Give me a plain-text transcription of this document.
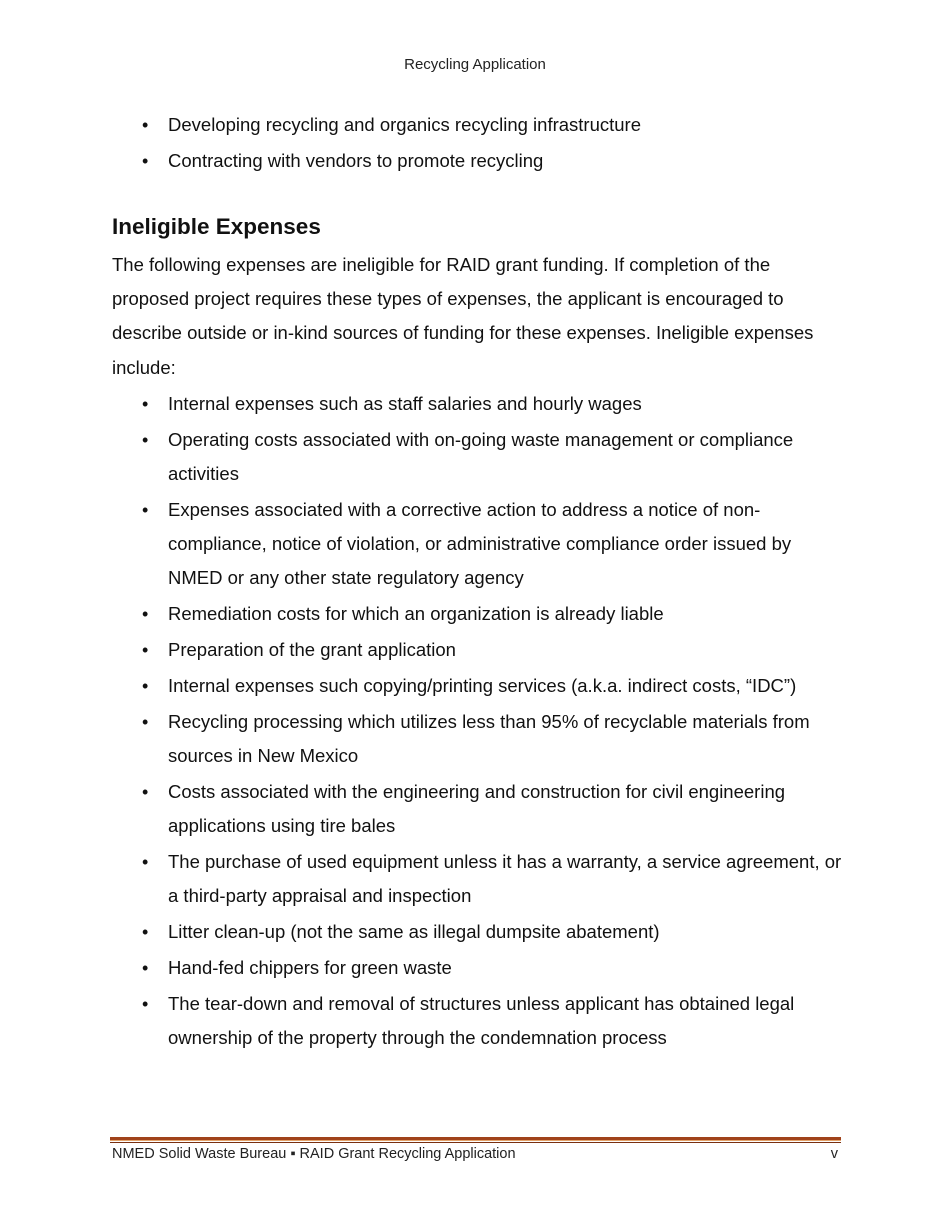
Recycling Application
• Developing recycling and organics recycling infrastructure
• Contracting with vendors to promote recycling
Ineligible Expenses

The following expenses are ineligible for RAID grant funding. If completion of the proposed project requires these types of expenses, the applicant is encouraged to describe outside or in-kind sources of funding for these expenses. Ineligible expenses include:

• Internal expenses such as staff salaries and hourly wages
• Operating costs associated with on-going waste management or compliance activities
• Expenses associated with a corrective action to address a notice of non-compliance, notice of violation, or administrative compliance order issued by NMED or any other state regulatory agency
• Remediation costs for which an organization is already liable
• Preparation of the grant application
• Internal expenses such copying/printing services (a.k.a. indirect costs, “IDC”)
• Recycling processing which utilizes less than 95% of recyclable materials from sources in New Mexico
• Costs associated with the engineering and construction for civil engineering applications using tire bales
• The purchase of used equipment unless it has a warranty, a service agreement, or a third-party appraisal and inspection
• Litter clean-up (not the same as illegal dumpsite abatement)
• Hand-fed chippers for green waste
• The tear-down and removal of structures unless applicant has obtained legal ownership of the property through the condemnation process
NMED Solid Waste Bureau ▪ RAID Grant Recycling Application	v
